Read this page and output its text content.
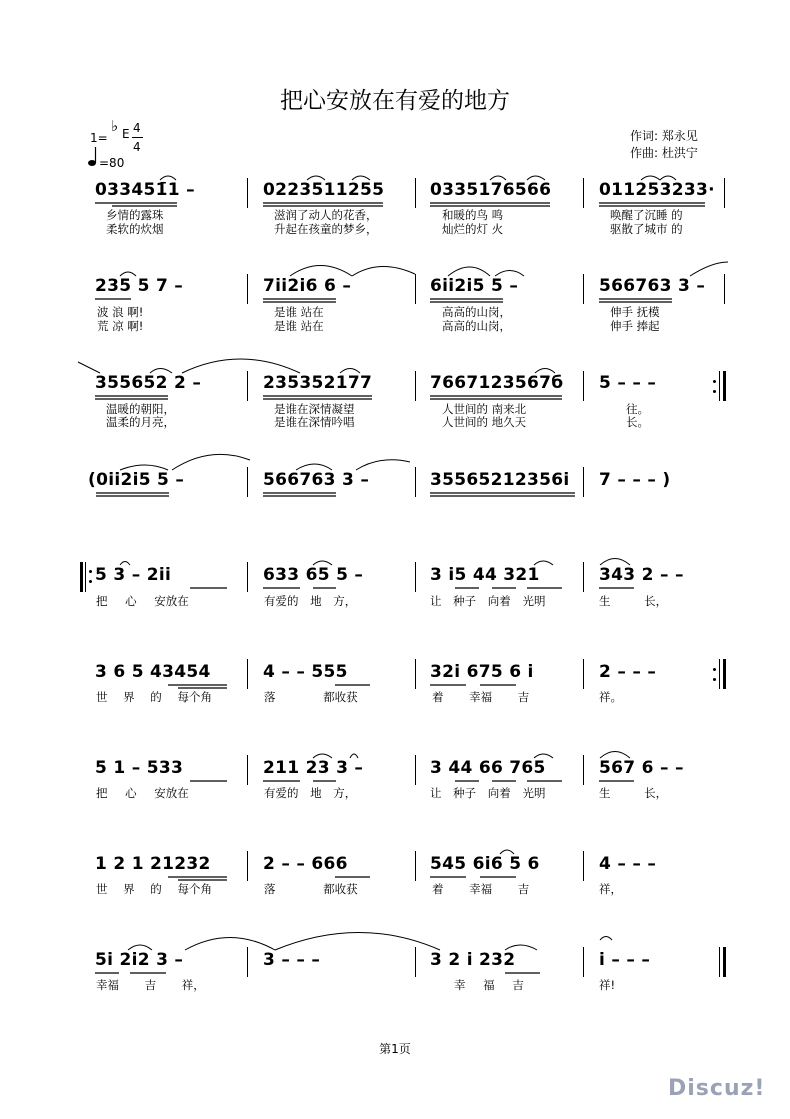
把心安放在有爱的地方
1=
♭ E 4
4
=80
作词: 郑永见
作曲: 杜洪宁
033451̄1 –	0223511255	0335176566	011253233·
乡情的露珠
柔软的炊烟
滋润了动人的花香，
升起在孩童的梦乡，
和暖的鸟 鸣
灿烂的灯 火
唤醒了沉睡 的
驱散了城市 的
235 5 7 –	7ii2i6 6 –	6ii2i5 5 –	566763 3 –
波 浪 啊!
荒 凉 啊!
是谁 站在
是谁 站在
高高的山岗，
高高的山岗，
伸手 抚模
伸手 捧起
355652 2 –	235352177	7667123567б 5 – – –
温暖的朝阳，
温柔的月亮，
是谁在深情凝望
是谁在深情吟唱
人世间的 南来北
人世间的 地久天
往。
长。
(0ii2i5 5 –	566763 3 –	35565212356i 7 – – – )
5 3 – 2ii	633 65 5 –	3 i5 44 321	343 2 – –
把 心 安放在	有爱的 地 方，	让 种子 向着 光明	生 长，
3 6 5 43454	4 – – 555	32i 675 6 i	2 – – –
世 界 的 每个角	落 都收获	着 幸福 吉	祥。
5 1 – 533	211 23 3 –	3 44 66 765	567 6 – –
把 心 安放在	有爱的 地 方，	让 种子 向着 光明	生 长，
1 2 1 21232	2 – – 666	545 6i6 5 6	4 – – –
世 界 的 每个角	落 都收获	着 幸福 吉	祥，
5i 2i2 3 –	3 – – –	3 2 i 232	i – – –
幸福 吉 祥，	幸 福 吉	祥!
第1页
Discuz!
